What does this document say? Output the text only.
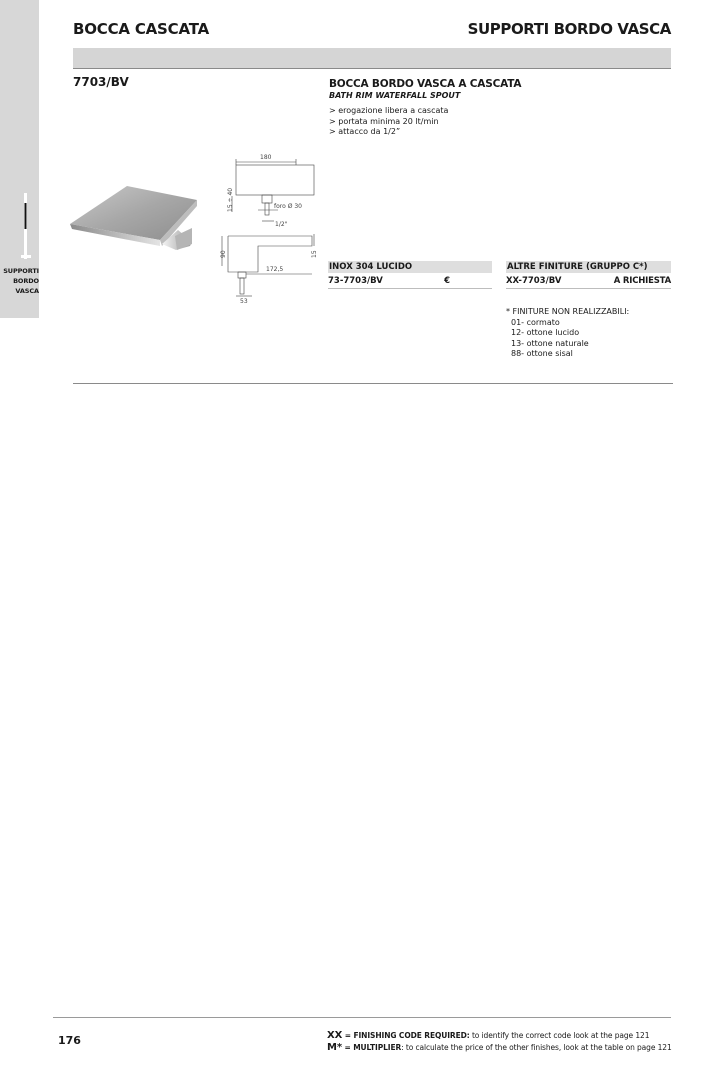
SUPPORTI
BORDO
VASCA
BOCCA CASCATA	SUPPORTI BORDO VASCA
7703/BV	BOCCA BORDO VASCA A CASCATA
BATH RIM WATERFALL SPOUT
> erogazione libera a cascata
> portata minima 20 lt/min
> attacco da 1/2”
180
15 ÷ 40	foro Ø 30
1/2"
15
90
172,5
53
INOX 304 LUCIDO	ALTRE FINITURE (GRUPPO C*)
73-7703/BV	€	XX-7703/BV	A RICHIESTA
* FINITURE NON REALIZZABILI:
01- cormato
12- ottone lucido
13- ottone naturale
88- ottone sisal
176	XX = FINISHING CODE REQUIRED: to identify the correct code look at the page 121
M* = MULTIPLIER: to calculate the price of the other finishes, look at the table on page 121
